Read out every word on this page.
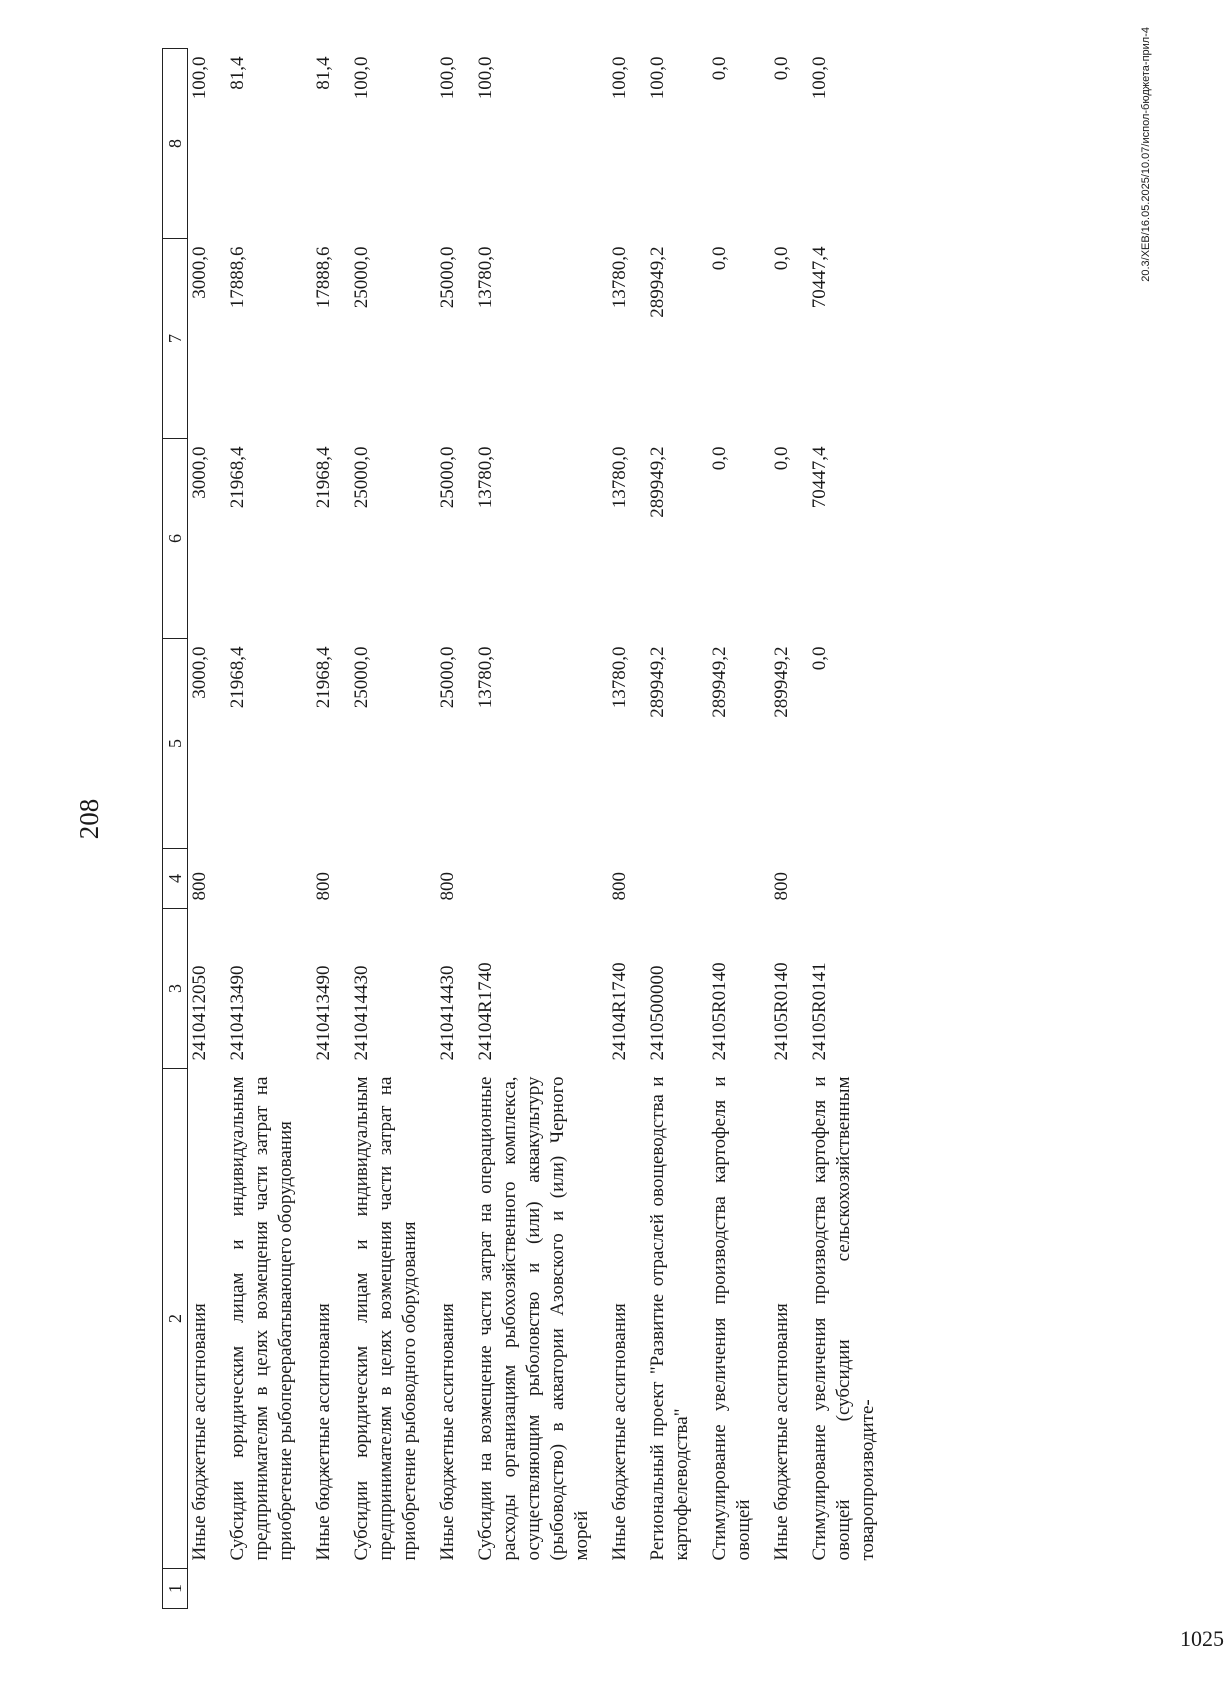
208
1	2	3	4	5	6	7	8
	Иные бюджетные ассигнования	2410412050	800	3000,0	3000,0	3000,0	100,0
	Субсидии юридическим лицам и индивидуальным предпринимателям в целях возмещения части затрат на приобретение рыбоперерабатывающего оборудования	2410413490		21968,4	21968,4	17888,6	81,4
	Иные бюджетные ассигнования	2410413490	800	21968,4	21968,4	17888,6	81,4
	Субсидии юридическим лицам и индивидуальным предпринимателям в целях возмещения части затрат на приобретение рыбоводного оборудования	2410414430		25000,0	25000,0	25000,0	100,0
	Иные бюджетные ассигнования	2410414430	800	25000,0	25000,0	25000,0	100,0
	Субсидии на возмещение части затрат на операционные расходы организациям рыбохозяйственного комплекса, осуществляющим рыболовство и (или) аквакультуру (рыбоводство) в акватории Азовского и (или) Черного морей	24104R1740		13780,0	13780,0	13780,0	100,0
	Иные бюджетные ассигнования	24104R1740	800	13780,0	13780,0	13780,0	100,0
	Региональный проект "Развитие отраслей овощеводства и картофелеводства"	2410500000		289949,2	289949,2	289949,2	100,0
	Стимулирование увеличения производства картофеля и овощей	24105R0140		289949,2	0,0	0,0	0,0
	Иные бюджетные ассигнования	24105R0140	800	289949,2	0,0	0,0	0,0
	Стимулирование увеличения производства картофеля и овощей (субсидии сельскохозяйственным товаропроизводите-	24105R0141		0,0	70447,4	70447,4	100,0	20.3/XEB/16.05.2025/10.07/испол-бюджета-прил-4
1025
